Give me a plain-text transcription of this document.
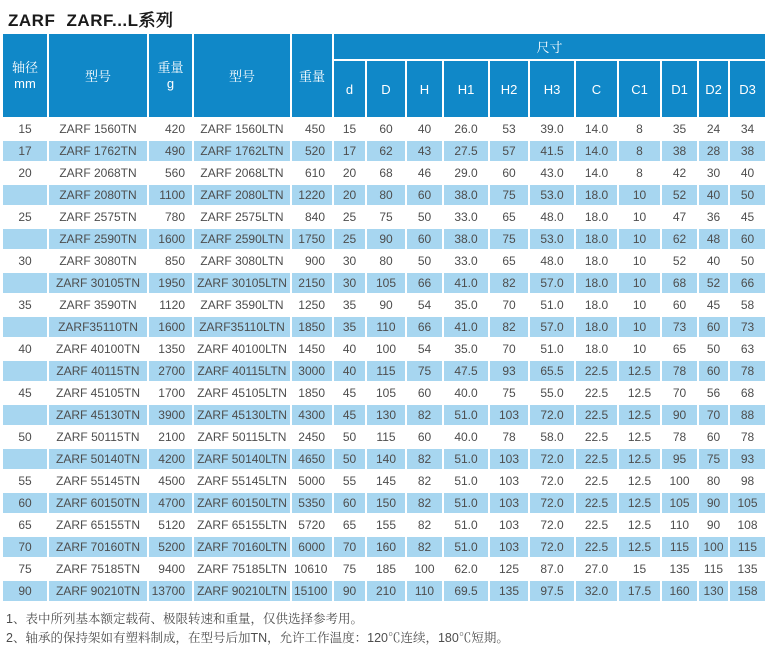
ZARF ZARF...L系列
轴径
mm	型号	
重量
g	型号	重量	尺寸
					d	D	H	H1	H2	H3	C	C1	D1	D2	D3
15	ZARF 1560TN	420	ZARF 1560LTN	450	15	60	40	26.0	53	39.0	14.0	8	35	24	34
17	ZARF 1762TN	490	ZARF 1762LTN	520	17	62	43	27.5	57	41.5	14.0	8	38	28	38
20	ZARF 2068TN	560	ZARF 2068LTN	610	20	68	46	29.0	60	43.0	14.0	8	42	30	40
	ZARF 2080TN	1100	ZARF 2080LTN	1220	20	80	60	38.0	75	53.0	18.0	10	52	40	50
25	ZARF 2575TN	780	ZARF 2575LTN	840	25	75	50	33.0	65	48.0	18.0	10	47	36	45
	ZARF 2590TN	1600	ZARF 2590LTN	1750	25	90	60	38.0	75	53.0	18.0	10	62	48	60
30	ZARF 3080TN	850	ZARF 3080LTN	900	30	80	50	33.0	65	48.0	18.0	10	52	40	50
	ZARF 30105TN	1950	ZARF 30105LTN	2150	30	105	66	41.0	82	57.0	18.0	10	68	52	66
35	ZARF 3590TN	1120	ZARF 3590LTN	1250	35	90	54	35.0	70	51.0	18.0	10	60	45	58
	ZARF35110TN	1600	ZARF35110LTN	1850	35	110	66	41.0	82	57.0	18.0	10	73	60	73
40	ZARF 40100TN	1350	ZARF 40100LTN	1450	40	100	54	35.0	70	51.0	18.0	10	65	50	63
	ZARF 40115TN	2700	ZARF 40115LTN	3000	40	115	75	47.5	93	65.5	22.5	12.5	78	60	78
45	ZARF 45105TN	1700	ZARF 45105LTN	1850	45	105	60	40.0	75	55.0	22.5	12.5	70	56	68
	ZARF 45130TN	3900	ZARF 45130LTN	4300	45	130	82	51.0	103	72.0	22.5	12.5	90	70	88
50	ZARF 50115TN	2100	ZARF 50115LTN	2450	50	115	60	40.0	78	58.0	22.5	12.5	78	60	78
	ZARF 50140TN	4200	ZARF 50140LTN	4650	50	140	82	51.0	103	72.0	22.5	12.5	95	75	93
55	ZARF 55145TN	4500	ZARF 55145LTN	5000	55	145	82	51.0	103	72.0	22.5	12.5	100	80	98
60	ZARF 60150TN	4700	ZARF 60150LTN	5350	60	150	82	51.0	103	72.0	22.5	12.5	105	90	105
65	ZARF 65155TN	5120	ZARF 65155LTN	5720	65	155	82	51.0	103	72.0	22.5	12.5	110	90	108
70	ZARF 70160TN	5200	ZARF 70160LTN	6000	70	160	82	51.0	103	72.0	22.5	12.5	115	100	115
75	ZARF 75185TN	9400	ZARF 75185LTN	10610	75	185	100	62.0	125	87.0	27.0	15	135	115	135
90	ZARF 90210TN	13700	ZARF 90210LTN	15100	90	210	110	69.5	135	97.5	32.0	17.5	160	130	158
1、表中所列基本额定载荷、极限转速和重量，仅供选择参考用。
2、轴承的保持架如有塑料制成，在型号后加TN，允许工作温度：120℃连续，180℃短期。
